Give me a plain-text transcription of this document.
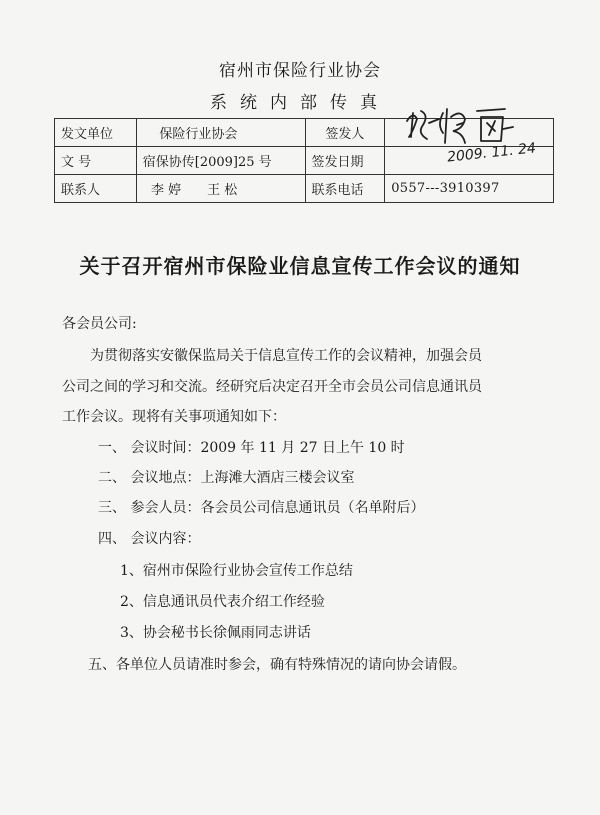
宿州市保险行业协会
系统内部传真
发文单位	保险行业协会	签发人	

文 号	宿保协传[2009]25 号	签发日期	2009. 11. 24

联系人	李 婷　　王 松	联系电话	0557---3910397
关于召开宿州市保险业信息宣传工作会议的通知
各会员公司:
为贯彻落实安徽保监局关于信息宣传工作的会议精神，加强会员
公司之间的学习和交流。经研究后决定召开全市会员公司信息通讯员
工作会议。现将有关事项通知如下：
一、 会议时间：2009 年 11 月 27 日上午 10 时
二、 会议地点：上海滩大酒店三楼会议室
三、 参会人员：各会员公司信息通讯员（名单附后）
四、 会议内容：
1、宿州市保险行业协会宣传工作总结
2、信息通讯员代表介绍工作经验
3、协会秘书长徐佩雨同志讲话
五、各单位人员请准时参会，确有特殊情况的请向协会请假。
